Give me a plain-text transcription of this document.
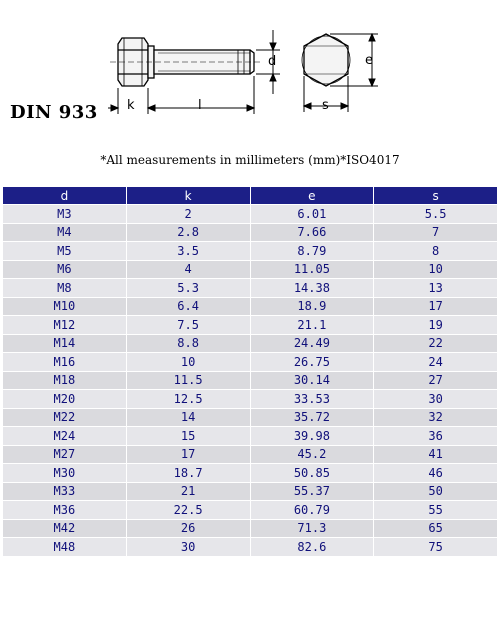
d
k	l	s
e
DIN 933
*All measurements in millimeters (mm)*ISO4017
d	k	e	s
M3	2	6.01	5.5
M4	2.8	7.66	7
M5	3.5	8.79	8
M6	4	11.05	10
M8	5.3	14.38	13
M10	6.4	18.9	17
M12	7.5	21.1	19
M14	8.8	24.49	22
M16	10	26.75	24
M18	11.5	30.14	27
M20	12.5	33.53	30
M22	14	35.72	32
M24	15	39.98	36
M27	17	45.2	41
M30	18.7	50.85	46
M33	21	55.37	50
M36	22.5	60.79	55
M42	26	71.3	65
M48	30	82.6	75
